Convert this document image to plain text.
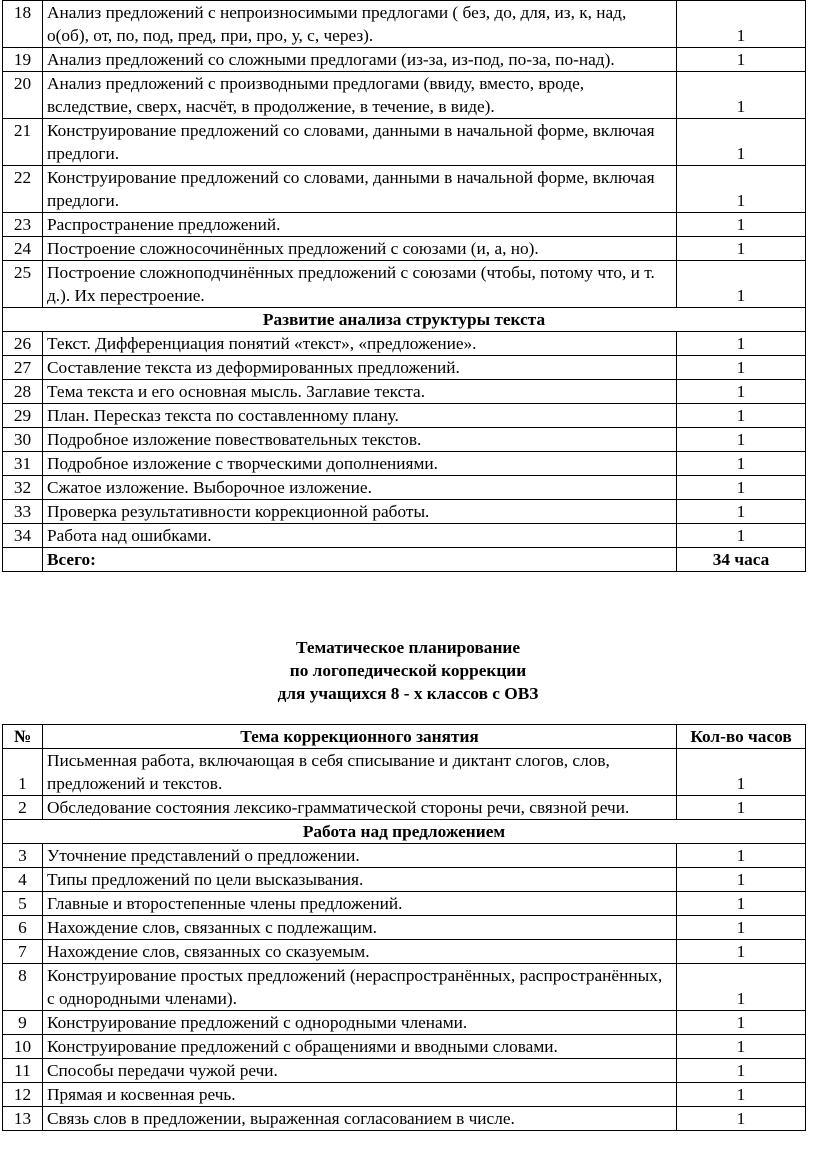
18	Анализ предложений с непроизносимыми предлогами ( без, до, для, из, к, над, о(об), от, по, под, пред, при, про, у, с, через).	1
19	Анализ предложений со сложными предлогами (из-за, из-под, по-за, по-над).	1
20	Анализ предложений с производными предлогами (ввиду, вместо, вроде, вследствие, сверх, насчёт, в продолжение, в течение, в виде).	1
21	Конструирование предложений со словами, данными в начальной форме, включая предлоги.	1
22	Конструирование предложений со словами, данными в начальной форме, включая предлоги.	1
23	Распространение предложений.	1
24	Построение сложносочинённых предложений с союзами (и, а, но).	1
25	Построение сложноподчинённых предложений с союзами (чтобы, потому что, и т. д.). Их перестроение.	1
Развитие анализа структуры текста		
26	Текст. Дифференциация понятий «текст», «предложение».	1
27	Составление текста из деформированных предложений.	1
28	Тема текста и его основная мысль. Заглавие текста.	1
29	План. Пересказ текста по составленному плану.	1
30	Подробное изложение повествовательных текстов.	1
31	Подробное изложение с творческими дополнениями.	1
32	Сжатое изложение. Выборочное изложение.	1
33	Проверка результативности коррекционной работы.	1
34	Работа над ошибками.	1
	Всего:	34 часа
Тематическое планирование
по логопедической коррекции
для учащихся 8 - х классов с ОВЗ
№	Тема коррекционного занятия	Кол-во часов
1	Письменная работа, включающая в себя списывание и диктант слогов, слов, предложений и текстов.	1
2	Обследование состояния лексико-грамматической стороны речи, связной речи.	1
Работа над предложением		
3	Уточнение представлений о предложении.	1
4	Типы предложений по цели высказывания.	1
5	Главные и второстепенные члены предложений.	1
6	Нахождение слов, связанных с подлежащим.	1
7	Нахождение слов, связанных со сказуемым.	1
8	Конструирование простых предложений (нераспространённых, распространённых, с однородными членами).	1
9	Конструирование предложений с однородными членами.	1
10	Конструирование предложений с обращениями и вводными словами.	1
11	Способы передачи чужой речи.	1
12	Прямая и косвенная речь.	1
13	Связь слов в предложении, выраженная согласованием в числе.	1
